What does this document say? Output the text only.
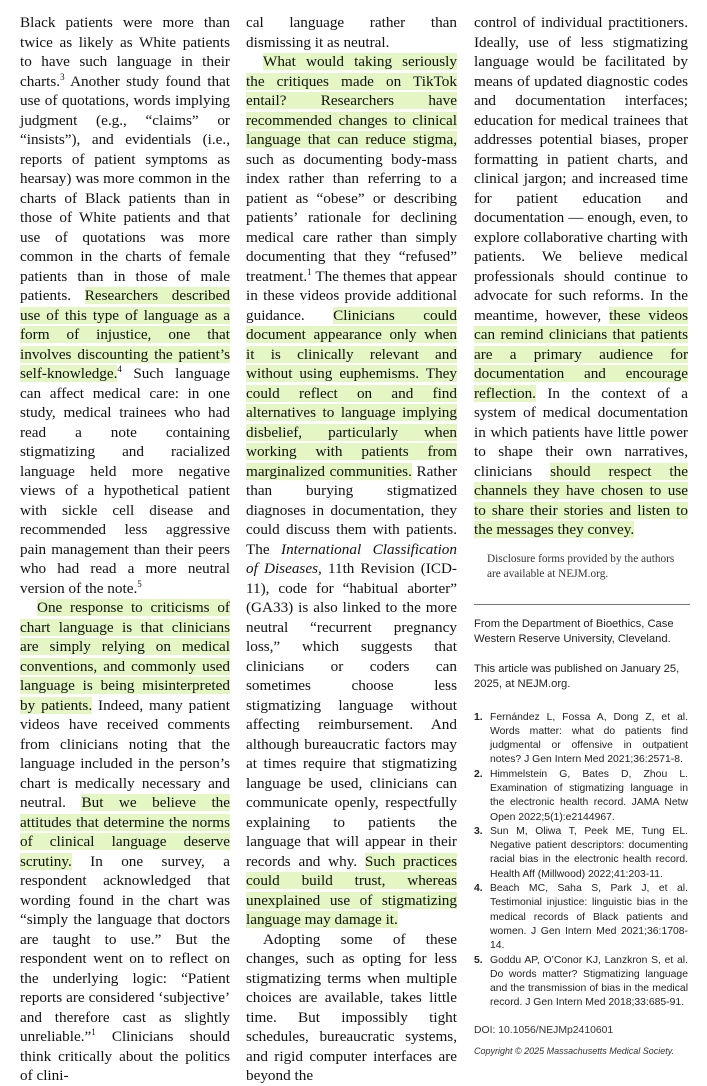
Black patients were more than twice as likely as White patients to have such language in their charts.$^3$ Another study found that use of quotations, words implying judgment (e.g., “claims” or “insists”), and evidentials (i.e., reports of patient symptoms as hearsay) was more common in the charts of Black patients than in those of White patients and that use of quotations was more common in the charts of female patients than in those of male patients. Researchers described use of this type of language as a form of injustice, one that involves discounting the patient’s self-knowledge.$^4$ Such language can affect medical care: in one study, medical trainees who had read a note containing stigmatizing and racialized language held more negative views of a hypothetical patient with sickle cell disease and recommended less aggressive pain management than their peers who had read a more neutral version of the note.$^5$

One response to criticisms of chart language is that clinicians are simply relying on medical conventions, and commonly used language is being misinterpreted by patients. Indeed, many patient videos have received comments from clinicians noting that the language included in the person’s chart is medically necessary and neutral. But we believe the attitudes that determine the norms of clinical language deserve scrutiny. In one survey, a respondent acknowledged that wording found in the chart was “simply the language that doctors are taught to use.” But the respondent went on to reflect on the underlying logic: “Patient reports are considered ‘subjective’ and therefore cast as slightly unreliable.”$^1$ Clinicians should think critically about the politics of clini-

cal language rather than dismissing it as neutral.

What would taking seriously the critiques made on TikTok entail? Researchers have recommended changes to clinical language that can reduce stigma, such as documenting body-mass index rather than referring to a patient as “obese” or describing patients’ rationale for declining medical care rather than simply documenting that they “refused” treatment.$^1$ The themes that appear in these videos provide additional guidance. Clinicians could document appearance only when it is clinically relevant and without using euphemisms. They could reflect on and find alternatives to language implying disbelief, particularly when working with patients from marginalized communities. Rather than burying stigmatized diagnoses in documentation, they could discuss them with patients. The International Classification of Diseases, 11th Revision (ICD-11), code for “habitual aborter” (GA33) is also linked to the more neutral “recurrent pregnancy loss,” which suggests that clinicians or coders can sometimes choose less stigmatizing language without affecting reimbursement. And although bureaucratic factors may at times require that stigmatizing language be used, clinicians can communicate openly, respectfully explaining to patients the language that will appear in their records and why. Such practices could build trust, whereas unexplained use of stigmatizing language may damage it.

Adopting some of these changes, such as opting for less stigmatizing terms when multiple choices are available, takes little time. But impossibly tight schedules, bureaucratic systems, and rigid computer interfaces are beyond the

control of individual practitioners. Ideally, use of less stigmatizing language would be facilitated by means of updated diagnostic codes and documentation interfaces; education for medical trainees that addresses potential biases, proper formatting in patient charts, and clinical jargon; and increased time for patient education and documentation — enough, even, to explore collaborative charting with patients. We believe medical professionals should continue to advocate for such reforms. In the meantime, however, these videos can remind clinicians that patients are a primary audience for documentation and encourage reflection. In the context of a system of medical documentation in which patients have little power to shape their own narratives, clinicians should respect the channels they have chosen to use to share their stories and listen to the messages they convey.

Disclosure forms provided by the authors are available at NEJM.org.
From the Department of Bioethics, Case Western Reserve University, Cleveland.
This article was published on January 25, 2025, at NEJM.org.
1. Fernández L, Fossa A, Dong Z, et al. Words matter: what do patients find judgmental or offensive in outpatient notes? J Gen Intern Med 2021;36:2571-8.
2. Himmelstein G, Bates D, Zhou L. Examination of stigmatizing language in the electronic health record. JAMA Netw Open 2022;5(1):e2144967.
3. Sun M, Oliwa T, Peek ME, Tung EL. Negative patient descriptors: documenting racial bias in the electronic health record. Health Aff (Millwood) 2022;41:203-11.
4. Beach MC, Saha S, Park J, et al. Testimonial injustice: linguistic bias in the medical records of Black patients and women. J Gen Intern Med 2021;36:1708-14.
5. Goddu AP, O’Conor KJ, Lanzkron S, et al. Do words matter? Stigmatizing language and the transmission of bias in the medical record. J Gen Intern Med 2018;33:685-91.
DOI: 10.1056/NEJMp2410601
Copyright © 2025 Massachusetts Medical Society.
